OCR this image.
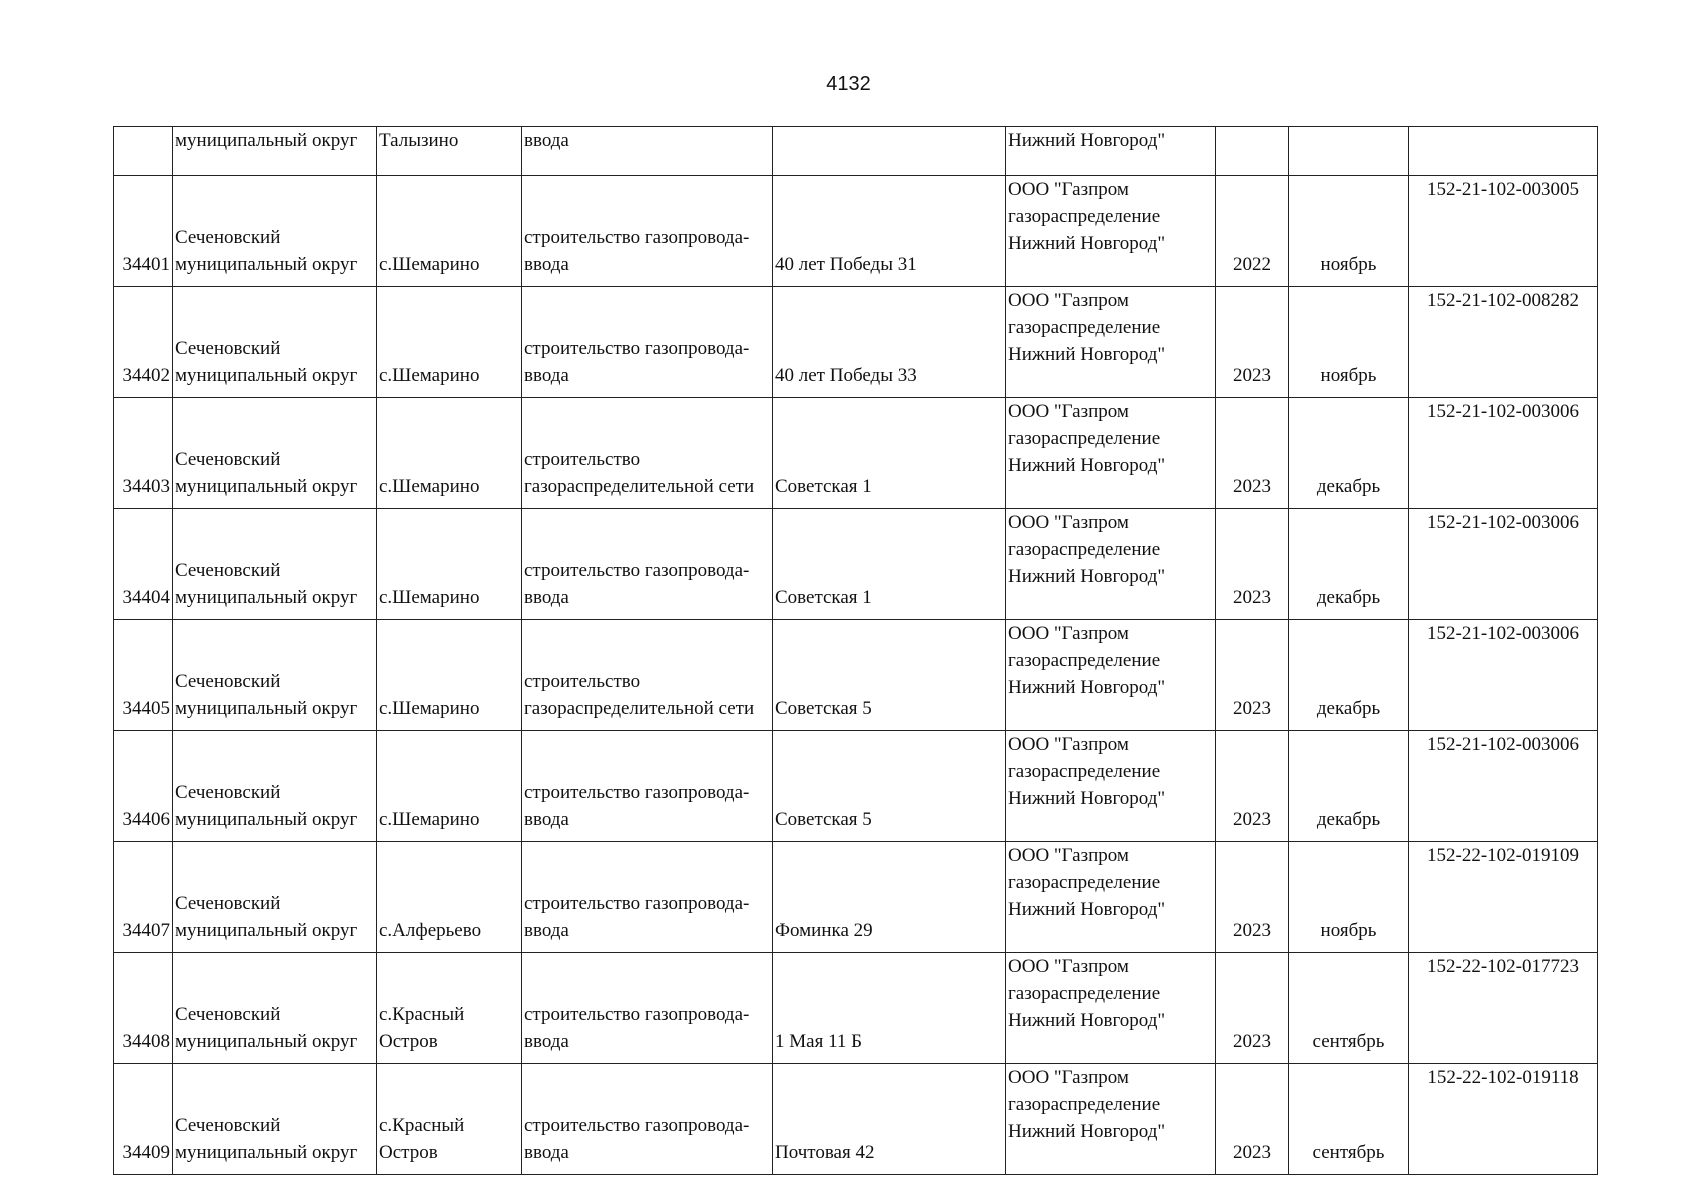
4132
	муниципальный округ	Талызино	ввода		Нижний Новгород"			
34401	Сеченовский
муниципальный округ	с.Шемарино	строительство газопровода-
ввода	40 лет Победы 31	ООО "Газпром
газораспределение
Нижний Новгород"	2022	ноябрь	152-21-102-003005
34402	Сеченовский
муниципальный округ	с.Шемарино	строительство газопровода-
ввода	40 лет Победы 33	ООО "Газпром
газораспределение
Нижний Новгород"	2023	ноябрь	152-21-102-008282
34403	Сеченовский
муниципальный округ	с.Шемарино	строительство
газораспределительной сети	Советская 1	ООО "Газпром
газораспределение
Нижний Новгород"	2023	декабрь	152-21-102-003006
34404	Сеченовский
муниципальный округ	с.Шемарино	строительство газопровода-
ввода	Советская 1	ООО "Газпром
газораспределение
Нижний Новгород"	2023	декабрь	152-21-102-003006
34405	Сеченовский
муниципальный округ	с.Шемарино	строительство
газораспределительной сети	Советская 5	ООО "Газпром
газораспределение
Нижний Новгород"	2023	декабрь	152-21-102-003006
34406	Сеченовский
муниципальный округ	с.Шемарино	строительство газопровода-
ввода	Советская 5	ООО "Газпром
газораспределение
Нижний Новгород"	2023	декабрь	152-21-102-003006
34407	Сеченовский
муниципальный округ	с.Алферьево	строительство газопровода-
ввода	Фоминка 29	ООО "Газпром
газораспределение
Нижний Новгород"	2023	ноябрь	152-22-102-019109
34408	Сеченовский
муниципальный округ	с.Красный
Остров	строительство газопровода-
ввода	1 Мая 11 Б	ООО "Газпром
газораспределение
Нижний Новгород"	2023	сентябрь	152-22-102-017723
34409	Сеченовский
муниципальный округ	с.Красный
Остров	строительство газопровода-
ввода	Почтовая 42	ООО "Газпром
газораспределение
Нижний Новгород"	2023	сентябрь	152-22-102-019118
